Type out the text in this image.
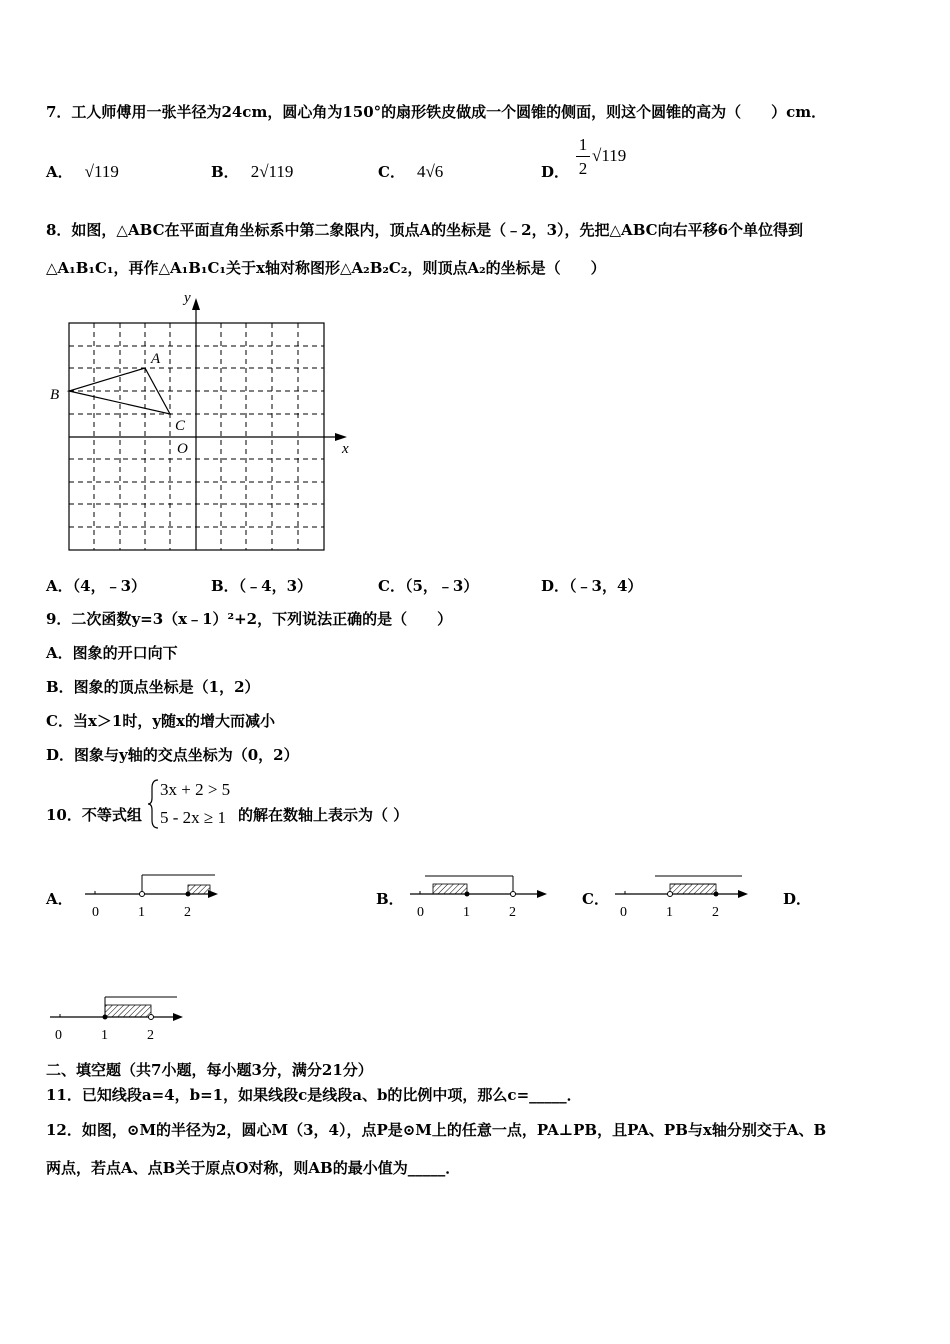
7．工人师傅用一张半径为24cm，圆心角为150°的扇形铁皮做成一个圆锥的侧面，则这个圆锥的高为（　　）cm．
A． √119	B． 2√119	C． 4√6	D．
1
2
√119
8．如图，△ABC在平面直角坐标系中第二象限内，顶点A的坐标是（﹣2，3），先把△ABC向右平移6个单位得到
△A₁B₁C₁，再作△A₁B₁C₁关于x轴对称图形△A₂B₂C₂，则顶点A₂的坐标是（　　）
y
x
A
B
C
O
A．（4，﹣3）	B．（﹣4，3）	C．（5，﹣3）	D．（﹣3，4）
9．二次函数y=3（x﹣1）²+2，下列说法正确的是（　　）
A．图象的开口向下
B．图象的顶点坐标是（1，2）
C．当x＞1时，y随x的增大而减小
D．图象与y轴的交点坐标为（0，2）
10．不等式组
3x + 2 > 5
5 - 2x ≥ 1 的解在数轴上表示为（ ）
A．	B．	C．	D．
0	1	2	0	1	2	0	1	2
0	1	2
二、填空题（共7小题，每小题3分，满分21分）
11．已知线段a=4，b=1，如果线段c是线段a、b的比例中项，那么c=_____．
12．如图，⊙M的半径为2，圆心M（3，4），点P是⊙M上的任意一点，PA⊥PB，且PA、PB与x轴分别交于A、B
两点，若点A、点B关于原点O对称，则AB的最小值为_____．
